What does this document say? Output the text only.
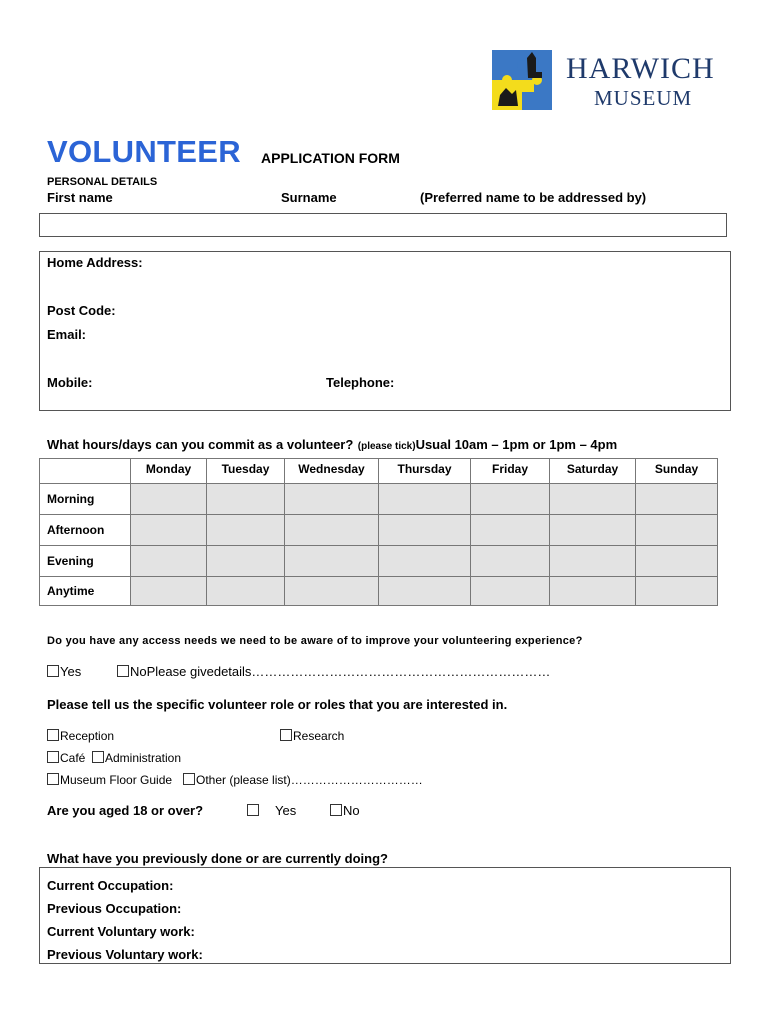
HARWICH
MUSEUM
VOLUNTEER APPLICATION FORM
PERSONAL DETAILS
First name	Surname	(Preferred name to be addressed by)
Home Address:
Post Code:
Email:
Mobile:	Telephone:
What hours/days can you commit as a volunteer? (please tick)Usual 10am – 1pm or 1pm – 4pm
	Monday	Tuesday	Wednesday	Thursday	Friday	Saturday	Sunday
Morning							
Afternoon							
Evening							
Anytime							
Do you have any access needs we need to be aware of to improve your volunteering experience?
Yes	NoPlease givedetails……………………………………………………………
Please tell us the specific volunteer role or roles that you are interested in.
Reception	Research
Café	Administration
Museum Floor Guide	Other (please list)……………………………
Are you aged 18 or over?	Yes	No
What have you previously done or are currently doing?
Current Occupation:
Previous Occupation:
Current Voluntary work:
Previous Voluntary work:
